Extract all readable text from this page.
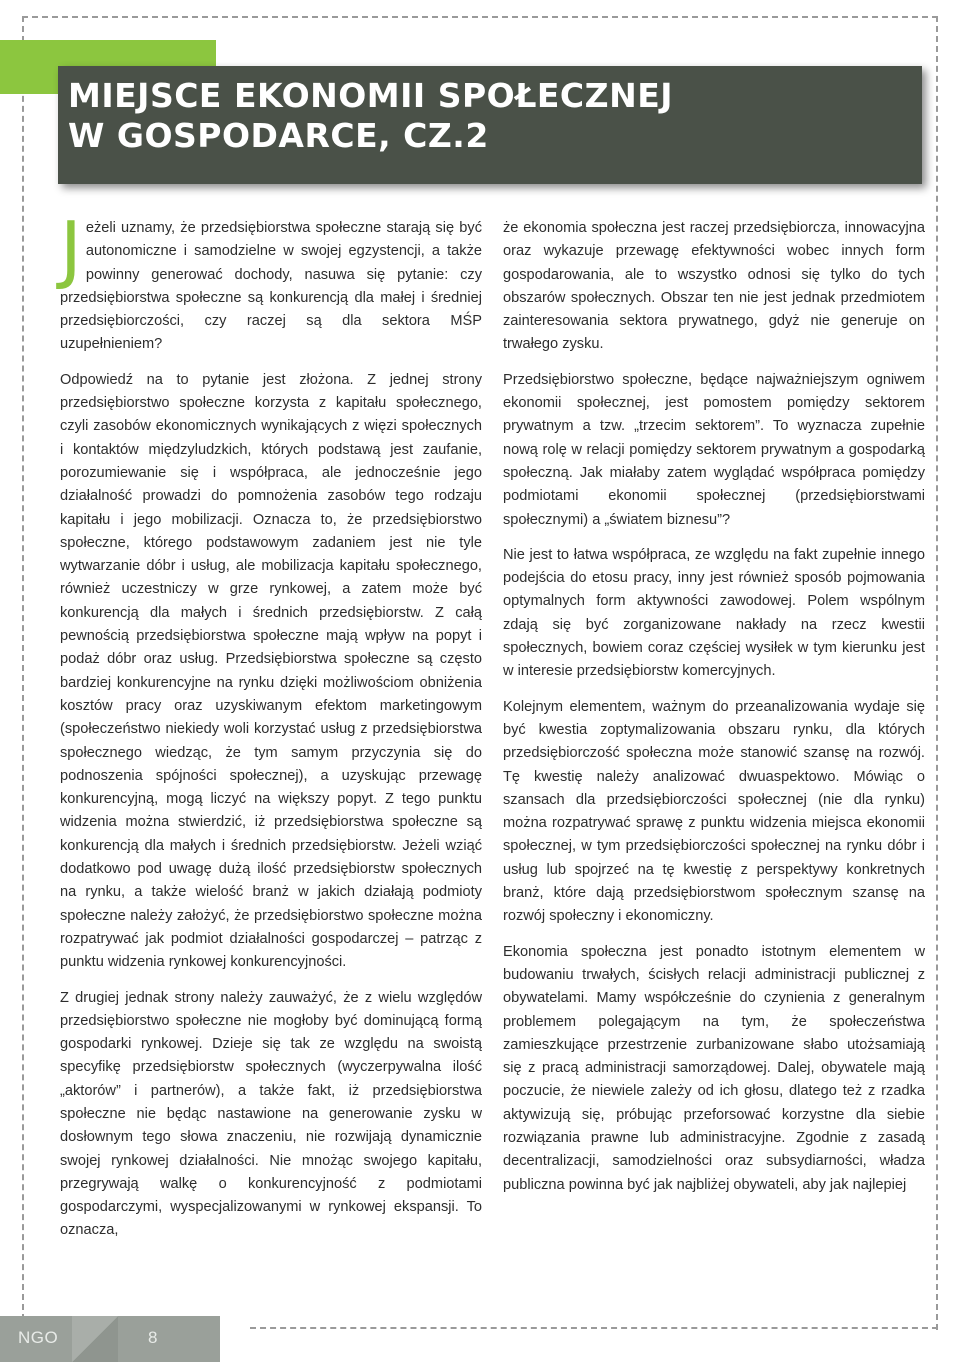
MIEJSCE EKONOMII SPOŁECZNEJ
W GOSPODARCE, CZ.2

Jeżeli uznamy, że przedsiębiorstwa społeczne starają się być autonomiczne i samodzielne w swojej egzystencji, a także powinny generować dochody, nasuwa się pytanie: czy przedsiębiorstwa społeczne są konkurencją dla małej i średniej przedsiębiorczości, czy raczej są dla sektora MŚP uzupełnieniem?

Odpowiedź na to pytanie jest złożona. Z jednej strony przedsiębiorstwo społeczne korzysta z kapitału społecznego, czyli zasobów ekonomicznych wynikających z więzi społecznych i kontaktów międzyludzkich, których podstawą jest zaufanie, porozumiewanie się i współpraca, ale jednocześnie jego działalność prowadzi do pomnożenia zasobów tego rodzaju kapitału i jego mobilizacji. Oznacza to, że przedsiębiorstwo społeczne, którego podstawowym zadaniem jest nie tyle wytwarzanie dóbr i usług, ale mobilizacja kapitału społecznego, również uczestniczy w grze rynkowej, a zatem może być konkurencją dla małych i średnich przedsiębiorstw. Z całą pewnością przedsiębiorstwa społeczne mają wpływ na popyt i podaż dóbr oraz usług. Przedsiębiorstwa społeczne są często bardziej konkurencyjne na rynku dzięki możliwościom obniżenia kosztów pracy oraz uzyskiwanym efektom marketingowym (społeczeństwo niekiedy woli korzystać usług z przedsiębiorstwa społecznego wiedząc, że tym samym przyczynia się do podnoszenia spójności społecznej), a uzyskując przewagę konkurencyjną, mogą liczyć na większy popyt. Z tego punktu widzenia można stwierdzić, iż przedsiębiorstwa społeczne są konkurencją dla małych i średnich przedsiębiorstw. Jeżeli wziąć dodatkowo pod uwagę dużą ilość przedsiębiorstw społecznych na rynku, a także wielość branż w jakich działają podmioty społeczne należy założyć, że przedsiębiorstwo społeczne można rozpatrywać jak podmiot działalności gospodarczej – patrząc z punktu widzenia rynkowej konkurencyjności.

Z drugiej jednak strony należy zauważyć, że z wielu względów przedsiębiorstwo społeczne nie mogłoby być dominującą formą gospodarki rynkowej. Dzieje się tak ze względu na swoistą specyfikę przedsiębiorstw społecznych (wyczerpywalna ilość „aktorów” i partnerów), a także fakt, iż przedsiębiorstwa społeczne nie będąc nastawione na generowanie zysku w dosłownym tego słowa znaczeniu, nie rozwijają dynamicznie swojej rynkowej działalności. Nie mnożąc swojego kapitału, przegrywają walkę o konkurencyjność z podmiotami gospodarczymi, wyspecjalizowanymi w rynkowej ekspansji. To oznacza,

że ekonomia społeczna jest raczej przedsiębiorcza, innowacyjna oraz wykazuje przewagę efektywności wobec innych form gospodarowania, ale to wszystko odnosi się tylko do tych obszarów społecznych. Obszar ten nie jest jednak przedmiotem zainteresowania sektora prywatnego, gdyż nie generuje on trwałego zysku.

Przedsiębiorstwo społeczne, będące najważniejszym ogniwem ekonomii społecznej, jest pomostem pomiędzy sektorem prywatnym a tzw. „trzecim sektorem”. To wyznacza zupełnie nową rolę w relacji pomiędzy sektorem prywatnym a gospodarką społeczną. Jak miałaby zatem wyglądać współpraca pomiędzy podmiotami ekonomii społecznej (przedsiębiorstwami społecznymi) a „światem biznesu”?

Nie jest to łatwa współpraca, ze względu na fakt zupełnie innego podejścia do etosu pracy, inny jest również sposób pojmowania optymalnych form aktywności zawodowej. Polem wspólnym zdają się być zorganizowane nakłady na rzecz kwestii społecznych, bowiem coraz częściej wysiłek w tym kierunku jest w interesie przedsiębiorstw komercyjnych.

Kolejnym elementem, ważnym do przeanalizowania wydaje się być kwestia zoptymalizowania obszaru rynku, dla których przedsiębiorczość społeczna może stanowić szansę na rozwój. Tę kwestię należy analizować dwuaspektowo. Mówiąc o szansach dla przedsiębiorczości społecznej (nie dla rynku) można rozpatrywać sprawę z punktu widzenia miejsca ekonomii społecznej, w tym przedsiębiorczości społecznej na rynku dóbr i usług lub spojrzeć na tę kwestię z perspektywy konkretnych branż, które dają przedsiębiorstwom społecznym szansę na rozwój społeczny i ekonomiczny.

Ekonomia społeczna jest ponadto istotnym elementem w budowaniu trwałych, ścisłych relacji administracji publicznej z obywatelami. Mamy współcześnie do czynienia z generalnym problemem polegającym na tym, że społeczeństwa zamieszkujące przestrzenie zurbanizowane słabo utożsamiają się z pracą administracji samorządowej. Dalej, obywatele mają poczucie, że niewiele zależy od ich głosu, dlatego też z rzadka aktywizują się, próbując przeforsować korzystne dla siebie rozwiązania prawne lub administracyjne. Zgodnie z zasadą decentralizacji, samodzielności oraz subsydiarności, władza publiczna powinna być jak najbliżej obywateli, aby jak najlepiej

NGO	8
